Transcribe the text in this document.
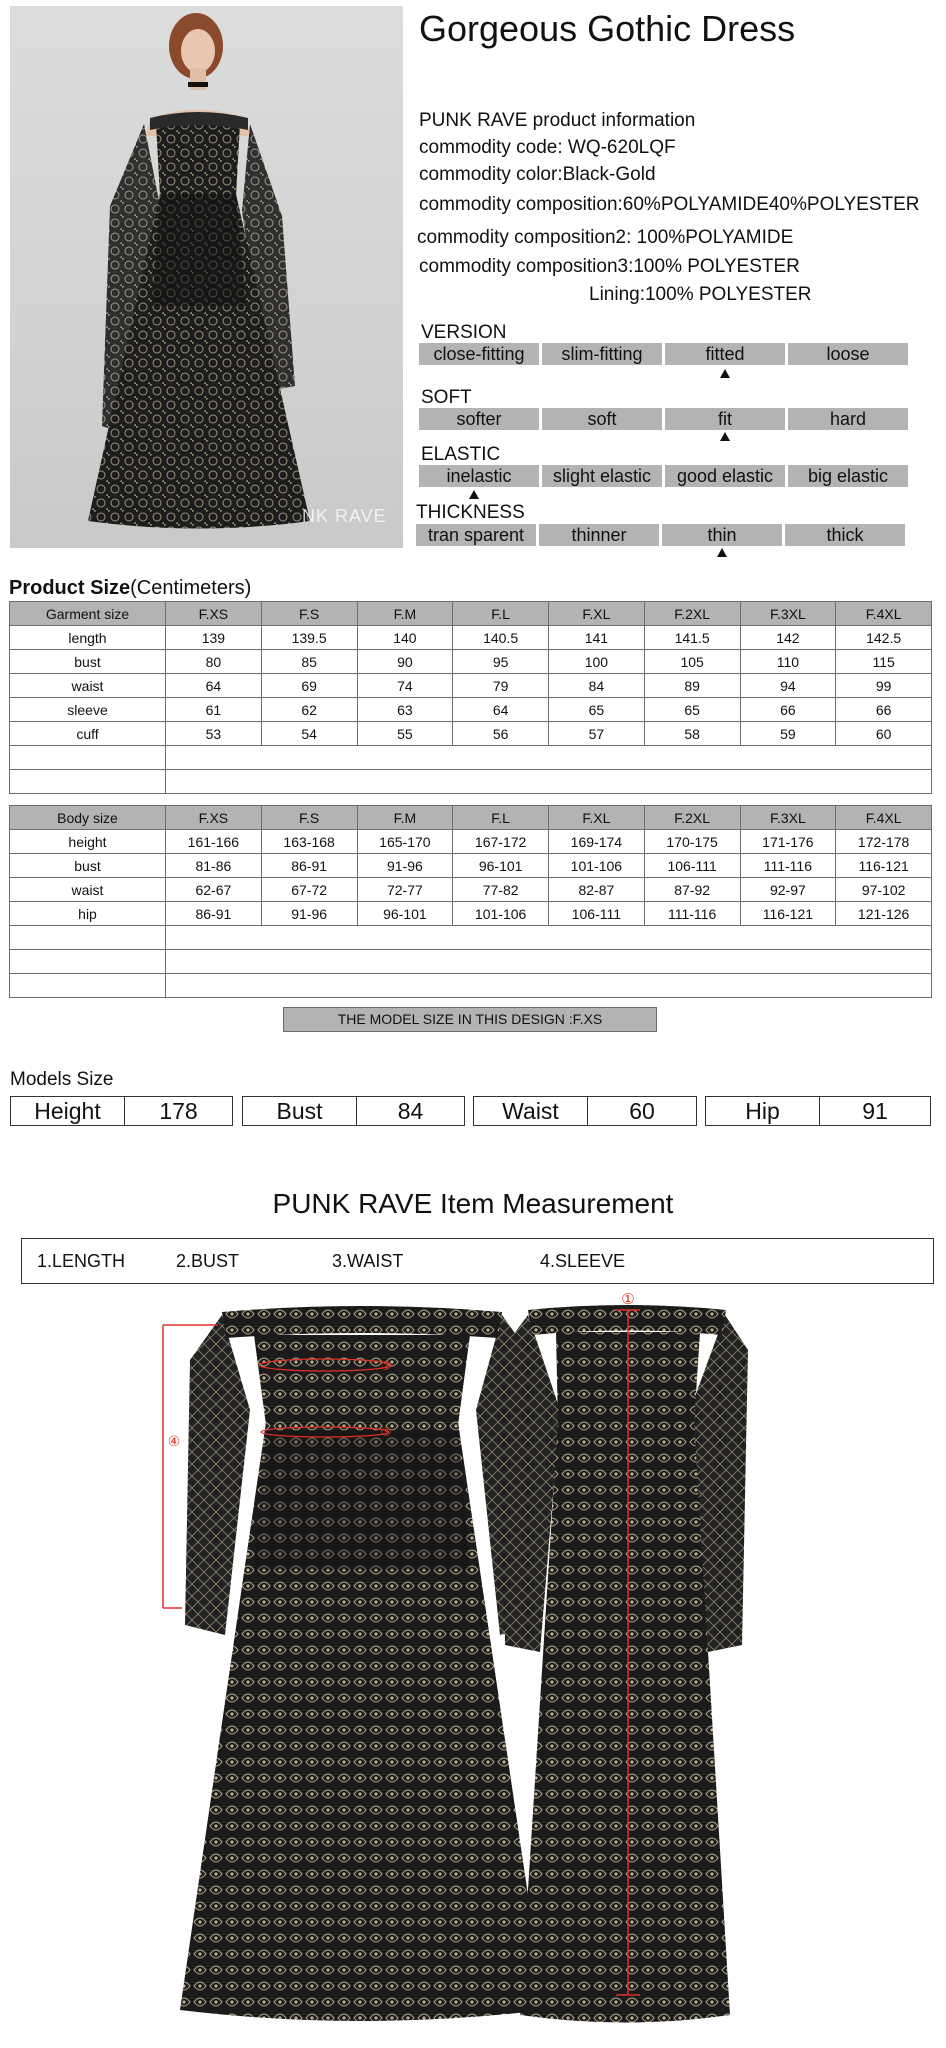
NK RAVE
Gorgeous Gothic Dress
PUNK RAVE product information
commodity code: WQ-620LQF
commodity color:Black-Gold
commodity composition:60%POLYAMIDE40%POLYESTER
commodity composition2: 100%POLYAMIDE
commodity composition3:100% POLYESTER
Lining:100% POLYESTER
VERSION
close-fitting	slim-fitting	fitted	loose
SOFT
softer	soft	fit	hard
ELASTIC
inelastic	slight elastic	good elastic	big elastic
THICKNESS
tran sparent	thinner	thin	thick
Product Size(Centimeters)
Garment size	F.XS	F.S	F.M	F.L	F.XL	F.2XL	F.3XL	F.4XL
length	139	139.5	140	140.5	141	141.5	142	142.5
bust	80	85	90	95	100	105	110	115
waist	64	69	74	79	84	89	94	99
sleeve	61	62	63	64	65	65	66	66
cuff	53	54	55	56	57	58	59	60

Body size	F.XS	F.S	F.M	F.L	F.XL	F.2XL	F.3XL	F.4XL
height	161-166	163-168	165-170	167-172	169-174	170-175	171-176	172-178
bust	81-86	86-91	91-96	96-101	101-106	106-111	111-116	116-121
waist	62-67	67-72	72-77	77-82	82-87	87-92	92-97	97-102
hip	86-91	91-96	96-101	101-106	106-111	111-116	116-121	121-126

THE MODEL SIZE IN THIS DESIGN :F.XS
Models Size
Height	178	Bust	84	Waist	60	Hip	91
PUNK RAVE Item Measurement
1.LENGTH	2.BUST	3.WAIST	4.SLEEVE
④
②
③
①
